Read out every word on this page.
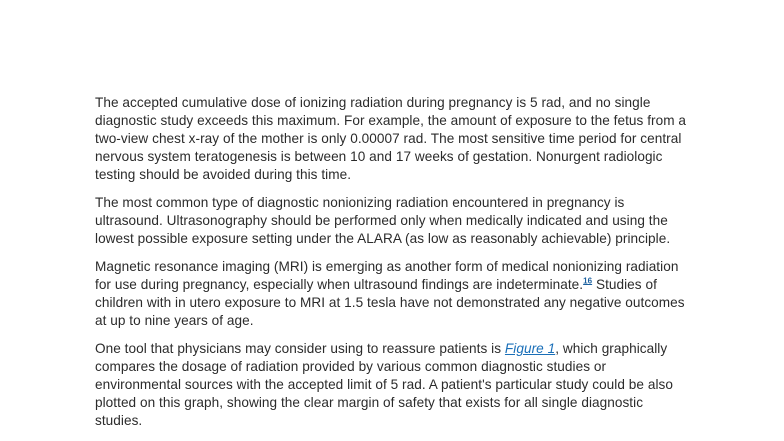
The accepted cumulative dose of ionizing radiation during pregnancy is 5 rad, and no single diagnostic study exceeds this maximum. For example, the amount of exposure to the fetus from a two-view chest x-ray of the mother is only 0.00007 rad. The most sensitive time period for central nervous system teratogenesis is between 10 and 17 weeks of gestation. Nonurgent radiologic testing should be avoided during this time.

The most common type of diagnostic nonionizing radiation encountered in pregnancy is ultrasound. Ultrasonography should be performed only when medically indicated and using the lowest possible exposure setting under the ALARA (as low as reasonably achievable) principle.

Magnetic resonance imaging (MRI) is emerging as another form of medical nonionizing radiation for use during pregnancy, especially when ultrasound findings are indeterminate.$^{16}$ Studies of children with in utero exposure to MRI at 1.5 tesla have not demonstrated any negative outcomes at up to nine years of age.

One tool that physicians may consider using to reassure patients is Figure 1, which graphically compares the dosage of radiation provided by various common diagnostic studies or environmental sources with the accepted limit of 5 rad. A patient's particular study could be also plotted on this graph, showing the clear margin of safety that exists for all single diagnostic studies.
